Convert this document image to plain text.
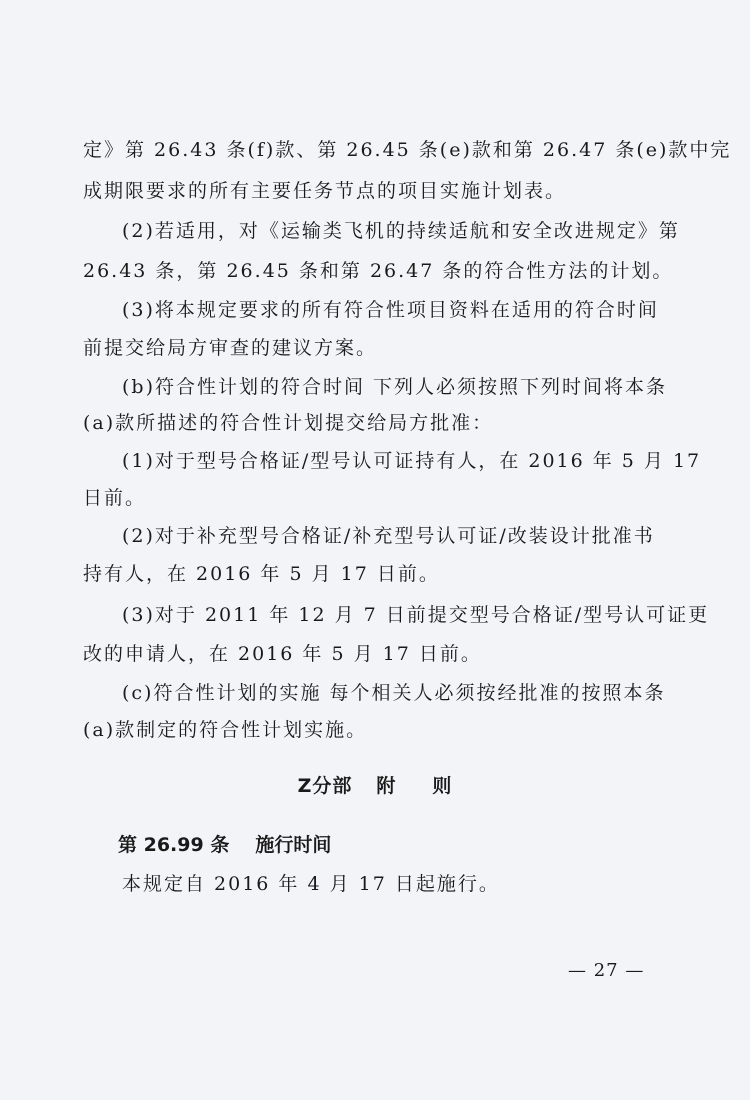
定》第 26.43 条(f)款、第 26.45 条(e)款和第 26.47 条(e)款中完
成期限要求的所有主要任务节点的项目实施计划表。
(2)若适用，对《运输类飞机的持续适航和安全改进规定》第
26.43 条，第 26.45 条和第 26.47 条的符合性方法的计划。
(3)将本规定要求的所有符合性项目资料在适用的符合时间
前提交给局方审查的建议方案。
(b)符合性计划的符合时间 下列人必须按照下列时间将本条
(a)款所描述的符合性计划提交给局方批准：
(1)对于型号合格证/型号认可证持有人，在 2016 年 5 月 17
日前。
(2)对于补充型号合格证/补充型号认可证/改装设计批准书
持有人，在 2016 年 5 月 17 日前。
(3)对于 2011 年 12 月 7 日前提交型号合格证/型号认可证更
改的申请人，在 2016 年 5 月 17 日前。
(c)符合性计划的实施 每个相关人必须按经批准的按照本条
(a)款制定的符合性计划实施。
Z分部 附 则
第 26.99 条 施行时间
本规定自 2016 年 4 月 17 日起施行。
— 27 —
